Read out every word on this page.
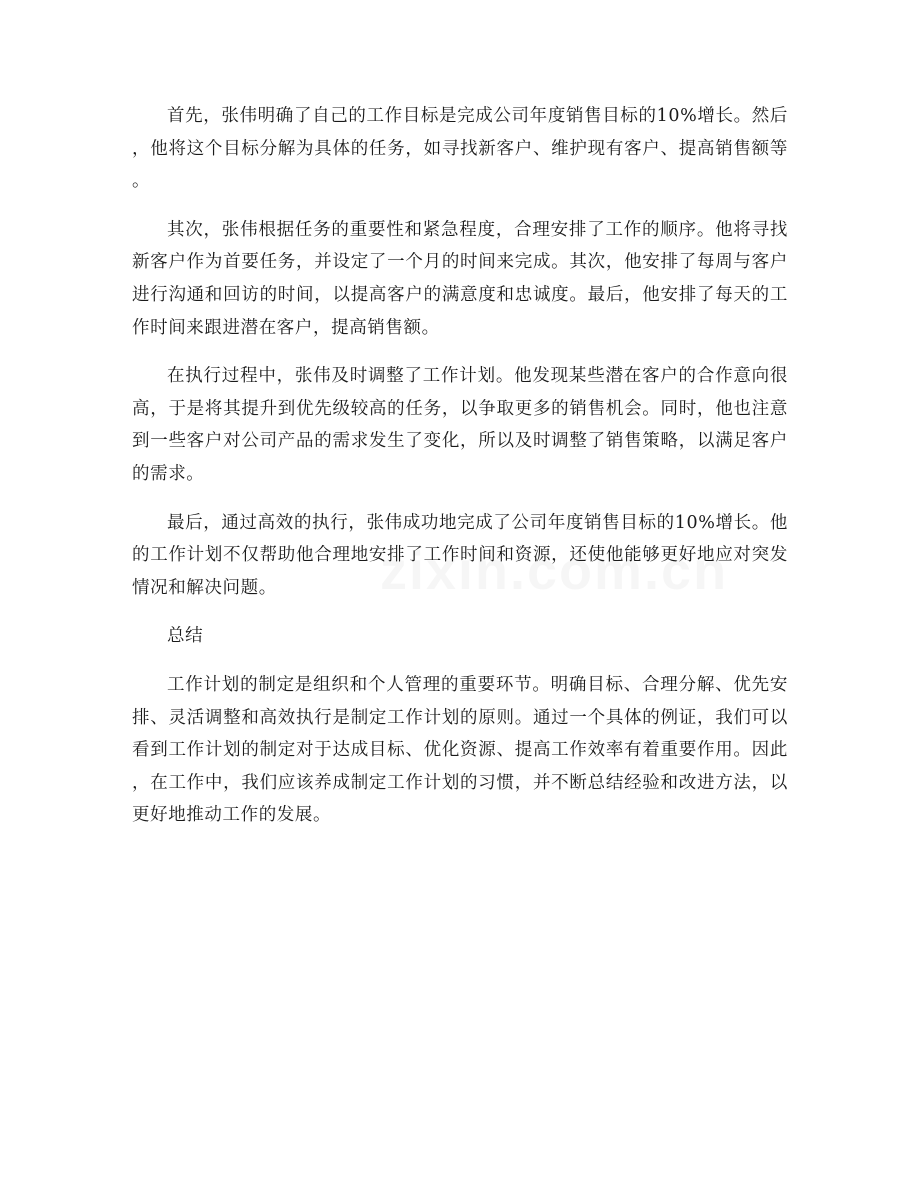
首先，张伟明确了自己的工作目标是完成公司年度销售目标的10%增长。然后，他将这个目标分解为具体的任务，如寻找新客户、维护现有客户、提高销售额等。

其次，张伟根据任务的重要性和紧急程度，合理安排了工作的顺序。他将寻找新客户作为首要任务，并设定了一个月的时间来完成。其次，他安排了每周与客户进行沟通和回访的时间，以提高客户的满意度和忠诚度。最后，他安排了每天的工作时间来跟进潜在客户，提高销售额。

在执行过程中，张伟及时调整了工作计划。他发现某些潜在客户的合作意向很高，于是将其提升到优先级较高的任务，以争取更多的销售机会。同时，他也注意到一些客户对公司产品的需求发生了变化，所以及时调整了销售策略，以满足客户的需求。

最后，通过高效的执行，张伟成功地完成了公司年度销售目标的10%增长。他的工作计划不仅帮助他合理地安排了工作时间和资源，还使他能够更好地应对突发情况和解决问题。

总结

工作计划的制定是组织和个人管理的重要环节。明确目标、合理分解、优先安排、灵活调整和高效执行是制定工作计划的原则。通过一个具体的例证，我们可以看到工作计划的制定对于达成目标、优化资源、提高工作效率有着重要作用。因此，在工作中，我们应该养成制定工作计划的习惯，并不断总结经验和改进方法，以更好地推动工作的发展。
